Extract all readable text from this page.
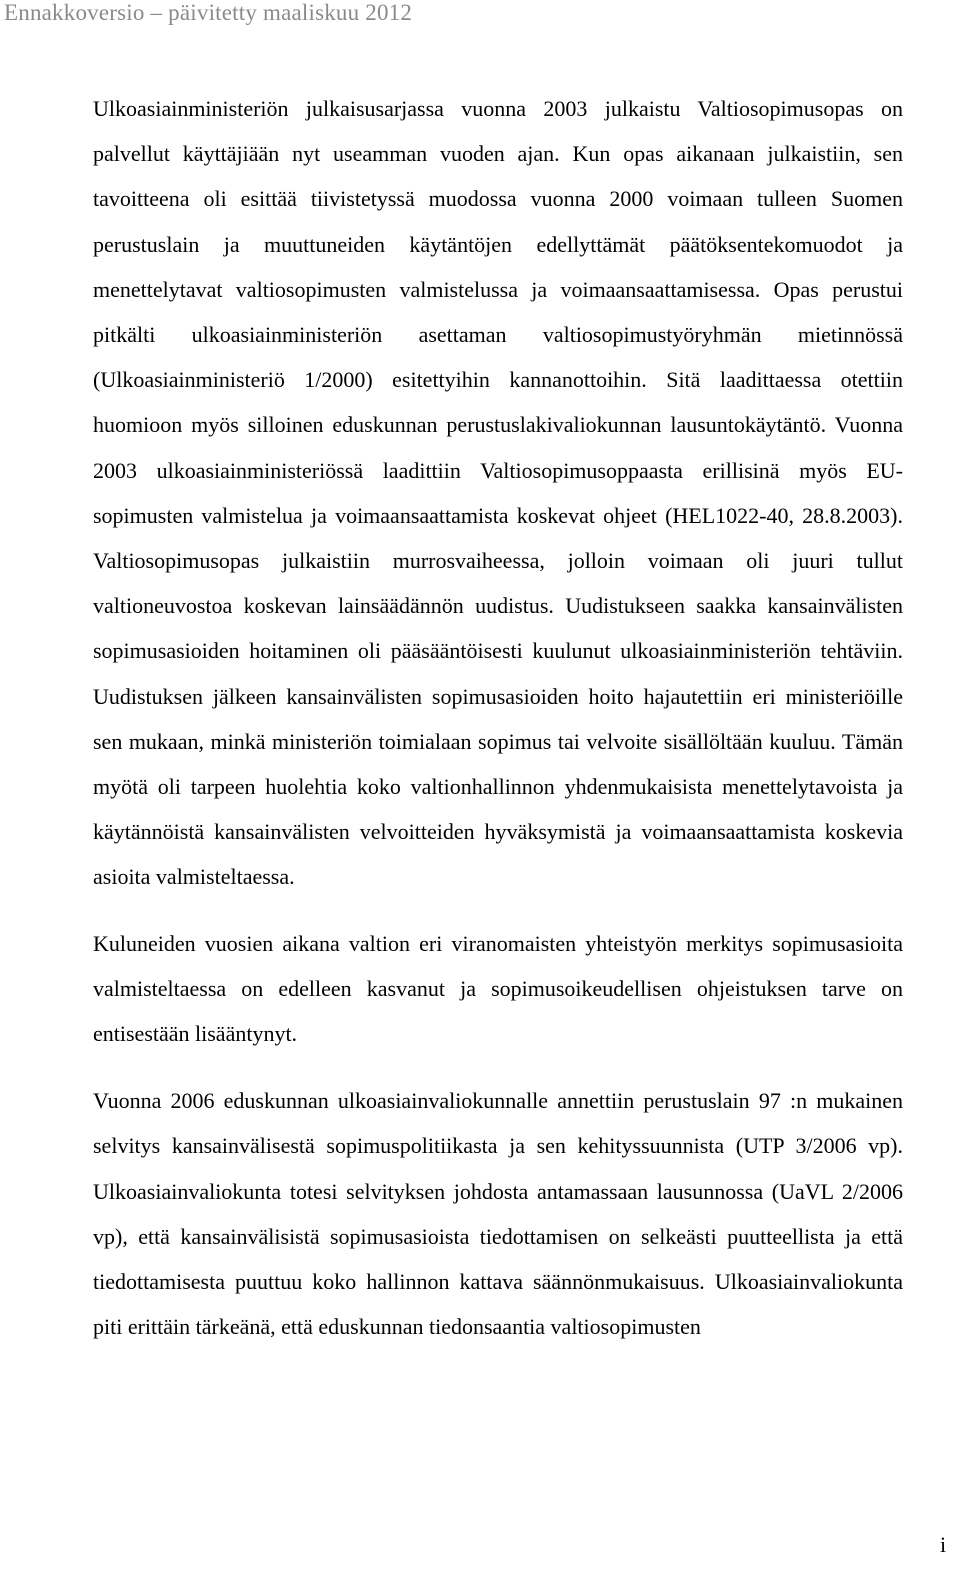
Ennakkoversio – päivitetty maaliskuu 2012

Ulkoasiainministeriön julkaisusarjassa vuonna 2003 julkaistu Valtiosopimusopas on palvellut käyttäjiään nyt useamman vuoden ajan. Kun opas aikanaan julkaistiin, sen tavoitteena oli esittää tiivistetyssä muodossa vuonna 2000 voimaan tulleen Suomen perustuslain ja muuttuneiden käytäntöjen edellyttämät päätöksentekomuodot ja menettelytavat valtiosopimusten valmistelussa ja voimaansaattamisessa. Opas perustui pitkälti ulkoasiainministeriön asettaman valtiosopimustyöryhmän mietinnössä (Ulkoasiainministeriö 1/2000) esitettyihin kannanottoihin. Sitä laadittaessa otettiin huomioon myös silloinen eduskunnan perustuslakivaliokunnan lausuntokäytäntö. Vuonna 2003 ulkoasiainministeriössä laadittiin Valtiosopimusoppaasta erillisinä myös EU-sopimusten valmistelua ja voimaansaattamista koskevat ohjeet (HEL1022-40, 28.8.2003). Valtiosopimusopas julkaistiin murrosvaiheessa, jolloin voimaan oli juuri tullut valtioneuvostoa koskevan lainsäädännön uudistus. Uudistukseen saakka kansainvälisten sopimusasioiden hoitaminen oli pääsääntöisesti kuulunut ulkoasiainministeriön tehtäviin. Uudistuksen jälkeen kansainvälisten sopimusasioiden hoito hajautettiin eri ministeriöille sen mukaan, minkä ministeriön toimialaan sopimus tai velvoite sisällöltään kuuluu. Tämän myötä oli tarpeen huolehtia koko valtionhallinnon yhdenmukaisista menettelytavoista ja käytännöistä kansainvälisten velvoitteiden hyväksymistä ja voimaansaattamista koskevia asioita valmisteltaessa.

Kuluneiden vuosien aikana valtion eri viranomaisten yhteistyön merkitys sopimusasioita valmisteltaessa on edelleen kasvanut ja sopimusoikeudellisen ohjeistuksen tarve on entisestään lisääntynyt.

Vuonna 2006 eduskunnan ulkoasiainvaliokunnalle annettiin perustuslain 97 :n mukainen selvitys kansainvälisestä sopimuspolitiikasta ja sen kehityssuunnista (UTP 3/2006 vp). Ulkoasiainvaliokunta totesi selvityksen johdosta antamassaan lausunnossa (UaVL 2/2006 vp), että kansainvälisistä sopimusasioista tiedottamisen on selkeästi puutteellista ja että tiedottamisesta puuttuu koko hallinnon kattava säännönmukaisuus. Ulkoasiainvaliokunta piti erittäin tärkeänä, että eduskunnan tiedonsaantia valtiosopimusten

i
